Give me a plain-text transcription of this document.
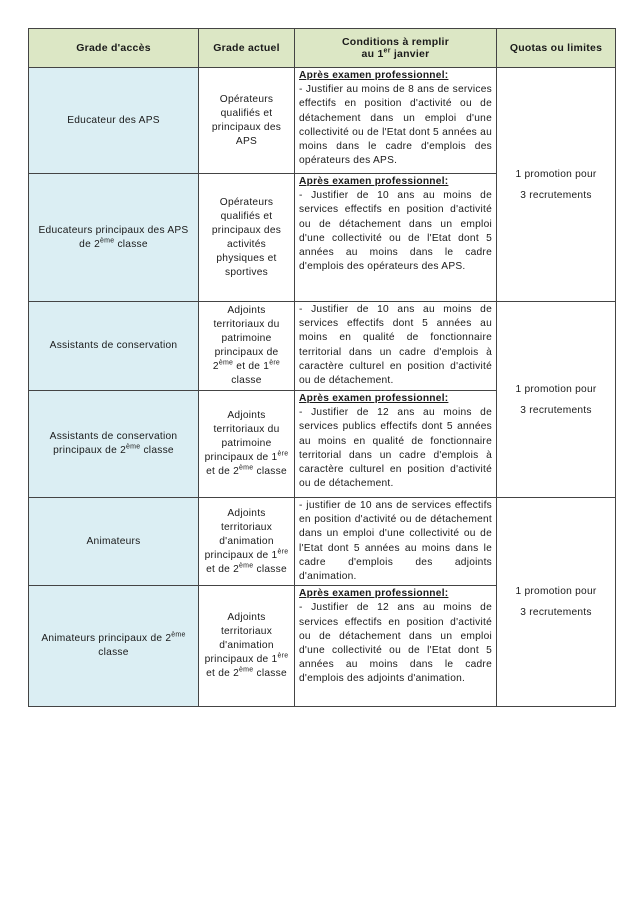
Grade d'accès	Grade actuel	Conditions à remplir
au 1er janvier	Quotas ou limites
Educateur des APS	Opérateurs qualifiés et principaux des APS	Après examen professionnel:
- Justifier au moins de 8 ans de services effectifs en position d'activité ou de détachement dans un emploi d'une collectivité ou de l'Etat dont 5 années au moins dans le cadre d'emplois des opérateurs des APS.	1 promotion pour
3 recrutements
Educateurs principaux des APS de 2ème classe	Opérateurs qualifiés et principaux des activités physiques et sportives	Après examen professionnel:
- Justifier de 10 ans au moins de services effectifs en position d'activité ou de détachement dans un emploi d'une collectivité ou de l'Etat dont 5 années au moins dans le cadre d'emplois des opérateurs des APS.	
Assistants de conservation	Adjoints territoriaux du patrimoine principaux de 2ème et de 1ère classe	- Justifier de 10 ans au moins de services effectifs dont 5 années au moins en qualité de fonctionnaire territorial dans un cadre d'emplois à caractère culturel en position d'activité ou de détachement.	1 promotion pour
3 recrutements
Assistants de conservation principaux de 2ème classe	Adjoints territoriaux du patrimoine principaux de 1ère et de 2ème classe	Après examen professionnel:
- Justifier de 12 ans au moins de services publics effectifs dont 5 années au moins en qualité de fonctionnaire territorial dans un cadre d'emplois à caractère culturel en position d'activité ou de détachement.	
Animateurs	Adjoints territoriaux d'animation principaux de 1ère et de 2ème classe	- justifier de 10 ans de services effectifs en position d'activité ou de détachement dans un emploi d'une collectivité ou de l'Etat dont 5 années au moins dans le cadre d'emplois des adjoints d'animation.	1 promotion pour
3 recrutements
Animateurs principaux de 2ème classe	Adjoints territoriaux d'animation principaux de 1ère et de 2ème classe	Après examen professionnel:
- Justifier de 12 ans au moins de services effectifs en position d'activité ou de détachement dans un emploi d'une collectivité ou de l'Etat dont 5 années au moins dans le cadre d'emplois des adjoints d'animation.	
